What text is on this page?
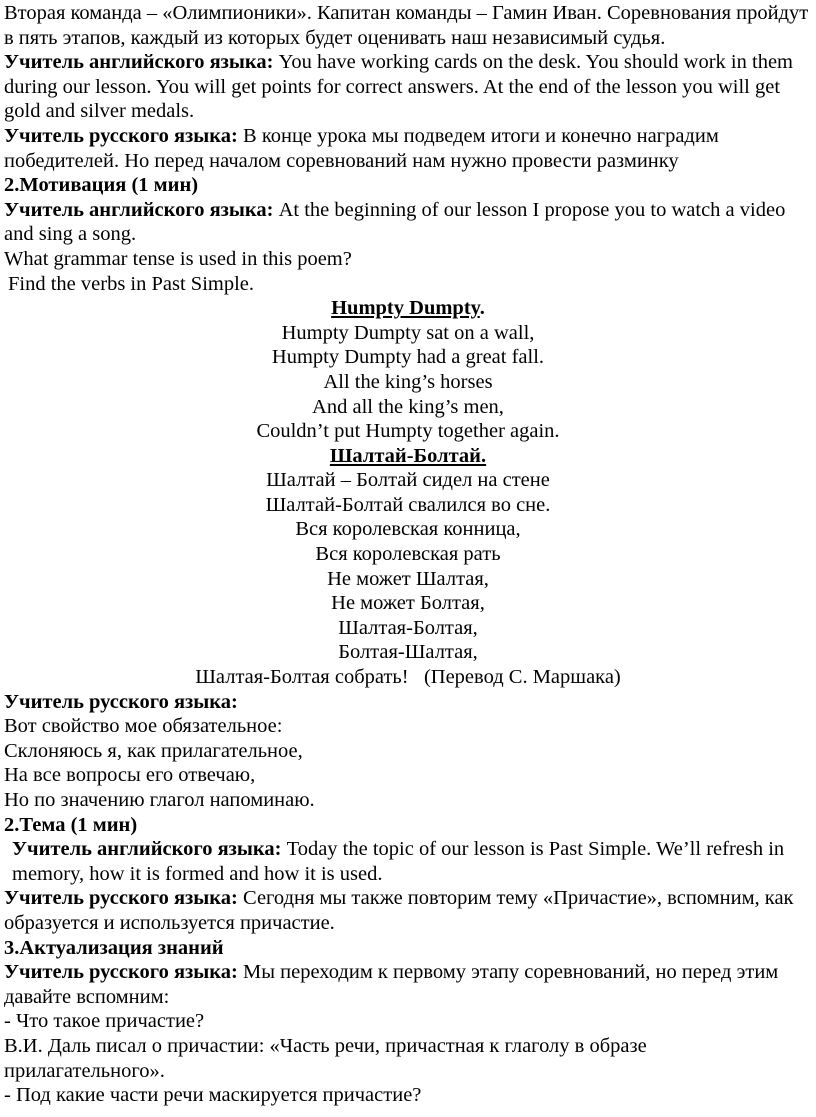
Вторая команда – «Олимпионики». Капитан команды – Гамин Иван. Соревнования пройдут в пять этапов, каждый из которых будет оценивать наш независимый судья.

Учитель английского языка: You have working cards on the desk. You should work in them during our lesson. You will get points for correct answers. At the end of the lesson you will get gold and silver medals.

Учитель русского языка: В конце урока мы подведем итоги и конечно наградим победителей. Но перед началом соревнований нам нужно провести разминку

2.Мотивация (1 мин)

Учитель английского языка: At the beginning of our lesson I propose you to watch a video and sing a song.

What grammar tense is used in this poem?

Find the verbs in Past Simple.

Humpty Dumpty.

Humpty Dumpty sat on a wall,

Humpty Dumpty had a great fall.

All the king’s horses

And all the king’s men,

Couldn’t put Humpty together again.

Шалтай-Болтай.

Шалтай – Болтай сидел на стене

Шалтай-Болтай свалился во сне.

Вся королевская конница,

Вся королевская рать

Не может Шалтая,

Не может Болтая,

Шалтая-Болтая,

Болтая-Шалтая,

Шалтая-Болтая собрать!   (Перевод С. Маршака)

Учитель русского языка:

Вот свойство мое обязательное:

Склоняюсь я, как прилагательное,

На все вопросы его отвечаю,

Но по значению глагол напоминаю.

2.Тема (1 мин)

Учитель английского языка: Today the topic of our lesson is Past Simple. We’ll refresh in memory, how it is formed and how it is used.

Учитель русского языка: Сегодня мы также повторим тему «Причастие», вспомним, как образуется и используется причастие.

3.Актуализация знаний

Учитель русского языка: Мы переходим к первому этапу соревнований, но перед этим давайте вспомним:

- Что такое причастие?

В.И. Даль писал о причастии: «Часть речи, причастная к глаголу в образе прилагательного».

- Под какие части речи маскируется причастие?
